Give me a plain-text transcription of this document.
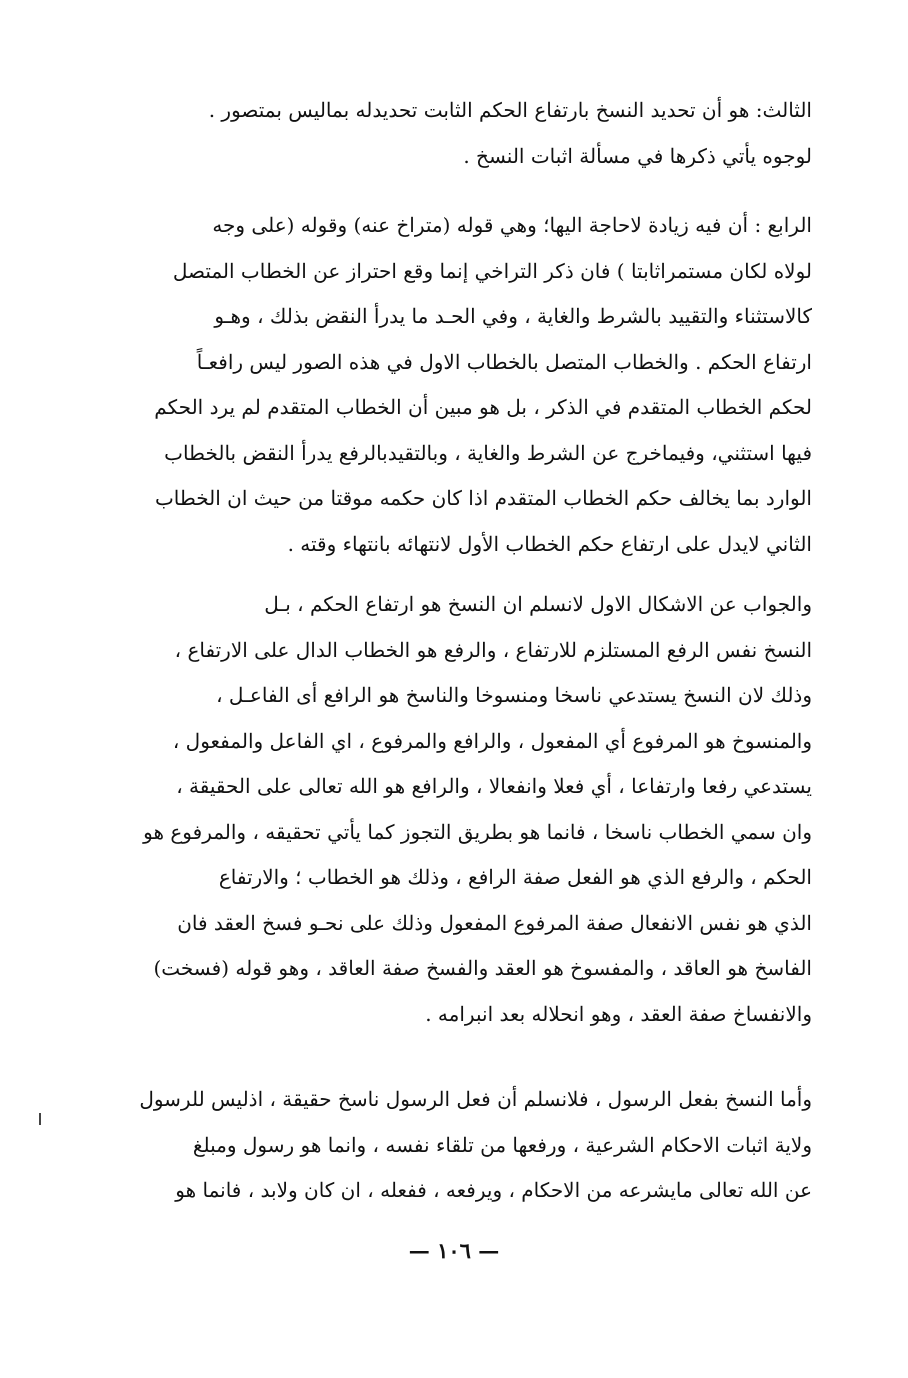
الثالث: هو أن تحديد النسخ بارتفاع الحكم الثابت تحديدله بماليس بمتصور .
لوجوه يأتي ذكرها في مسألة اثبات النسخ .
الرابع : أن فيه زيادة لاحاجة اليها؛ وهي قوله (متراخ عنه) وقوله (على وجه
لولاه لكان مستمراثابتا ) فان ذكر التراخي إنما وقع احتراز عن الخطاب المتصل
كالاستثناء والتقييد بالشرط والغاية ، وفي الحـد ما يدرأ النقض بذلك ، وهـو
ارتفاع الحكم . والخطاب المتصل بالخطاب الاول في هذه الصور ليس رافعـاً
لحكم الخطاب المتقدم في الذكر ، بل هو مبين أن الخطاب المتقدم لم يرد الحكم
فيها استثني، وفيماخرج عن الشرط والغاية ، وبالتقيدبالرفع يدرأ النقض بالخطاب
الوارد بما يخالف حكم الخطاب المتقدم اذا كان حكمه موقتا من حيث ان الخطاب
الثاني لايدل على ارتفاع حكم الخطاب الأول لانتهائه بانتهاء وقته .
والجواب عن الاشكال الاول لانسلم ان النسخ هو ارتفاع الحكم ، بـل
النسخ نفس الرفع المستلزم للارتفاع ، والرفع هو الخطاب الدال على الارتفاع ،
وذلك لان النسخ يستدعي ناسخا ومنسوخا والناسخ هو الرافع أى الفاعـل ،
والمنسوخ هو المرفوع أي المفعول ، والرافع والمرفوع ، اي الفاعل والمفعول ،
يستدعي رفعا وارتفاعا ، أي فعلا وانفعالا ، والرافع هو الله تعالى على الحقيقة ،
وان سمي الخطاب ناسخا ، فانما هو بطريق التجوز كما يأتي تحقيقه ، والمرفوع هو
الحكم ، والرفع الذي هو الفعل صفة الرافع ، وذلك هو الخطاب ؛ والارتفاع
الذي هو نفس الانفعال صفة المرفوع المفعول وذلك على نحـو فسخ العقد فان
الفاسخ هو العاقد ، والمفسوخ هو العقد والفسخ صفة العاقد ، وهو قوله (فسخت)
والانفساخ صفة العقد ، وهو انحلاله بعد انبرامه .
وأما النسخ بفعل الرسول ، فلانسلم أن فعل الرسول ناسخ حقيقة ، اذليس للرسول
ولاية اثبات الاحكام الشرعية ، ورفعها من تلقاء نفسه ، وانما هو رسول ومبلغ
عن الله تعالى مايشرعه من الاحكام ، ويرفعه ، ففعله ، ان كان ولابد ، فانما هو
— ١٠٦ —
